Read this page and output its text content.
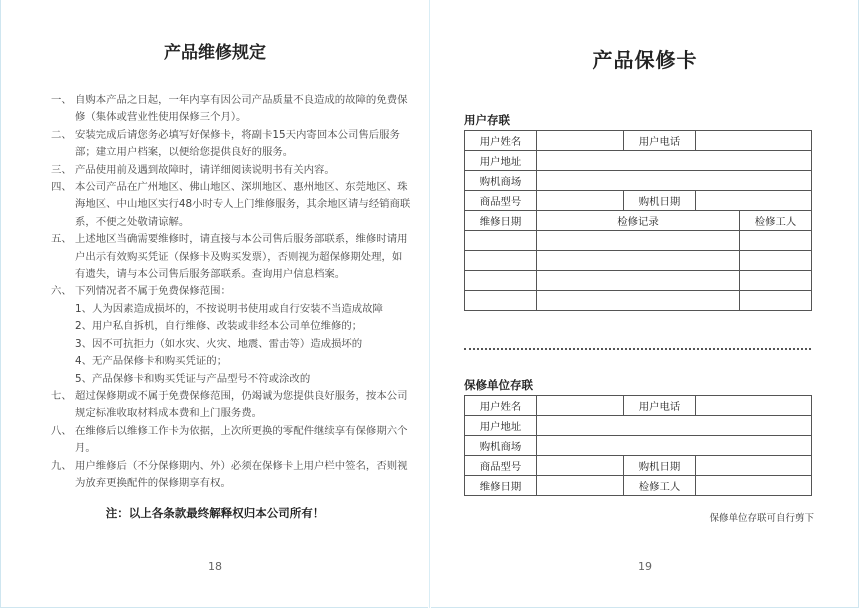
产品维修规定

一、 自购本产品之日起，一年内享有因公司产品质量不良造成的故障的免费保修（集体或营业性使用保修三个月）。

二、 安装完成后请您务必填写好保修卡，将副卡15天内寄回本公司售后服务部；建立用户档案，以便给您提供良好的服务。

三、 产品使用前及遇到故障时，请详细阅读说明书有关内容。

四、 本公司产品在广州地区、佛山地区、深圳地区、惠州地区、东莞地区、珠海地区、中山地区实行48小时专人上门维修服务，其余地区请与经销商联系，不便之处敬请谅解。

五、 上述地区当确需要维修时，请直接与本公司售后服务部联系，维修时请用户出示有效购买凭证（保修卡及购买发票），否则视为超保修期处理，如有遗失，请与本公司售后服务部联系。查询用户信息档案。

六、 下列情况者不属于免费保修范围：

1、人为因素造成损坏的，不按说明书使用或自行安装不当造成故障

2、用户私自拆机，自行维修、改装或非经本公司单位维修的；

3、因不可抗拒力（如水灾、火灾、地震、雷击等）造成损坏的

4、无产品保修卡和购买凭证的；

5、产品保修卡和购买凭证与产品型号不符或涂改的

七、 超过保修期或不属于免费保修范围，仍竭诚为您提供良好服务，按本公司规定标准收取材料成本费和上门服务费。

八、 在维修后以维修工作卡为依据，上次所更换的零配件继续享有保修期六个月。

九、 用户维修后（不分保修期内、外）必须在保修卡上用户栏中签名，否则视为放弃更换配件的保修期享有权。

注：以上各条款最终解释权归本公司所有！
18
产品保修卡
用户存联
用户姓名		用户电话		
用户地址				
购机商场				
商品型号		购机日期		
维修日期	检修记录			检修工人

保修单位存联
用户姓名		用户电话	
用户地址			
购机商场			
商品型号		购机日期	
维修日期		检修工人	
保修单位存联可自行剪下
19
